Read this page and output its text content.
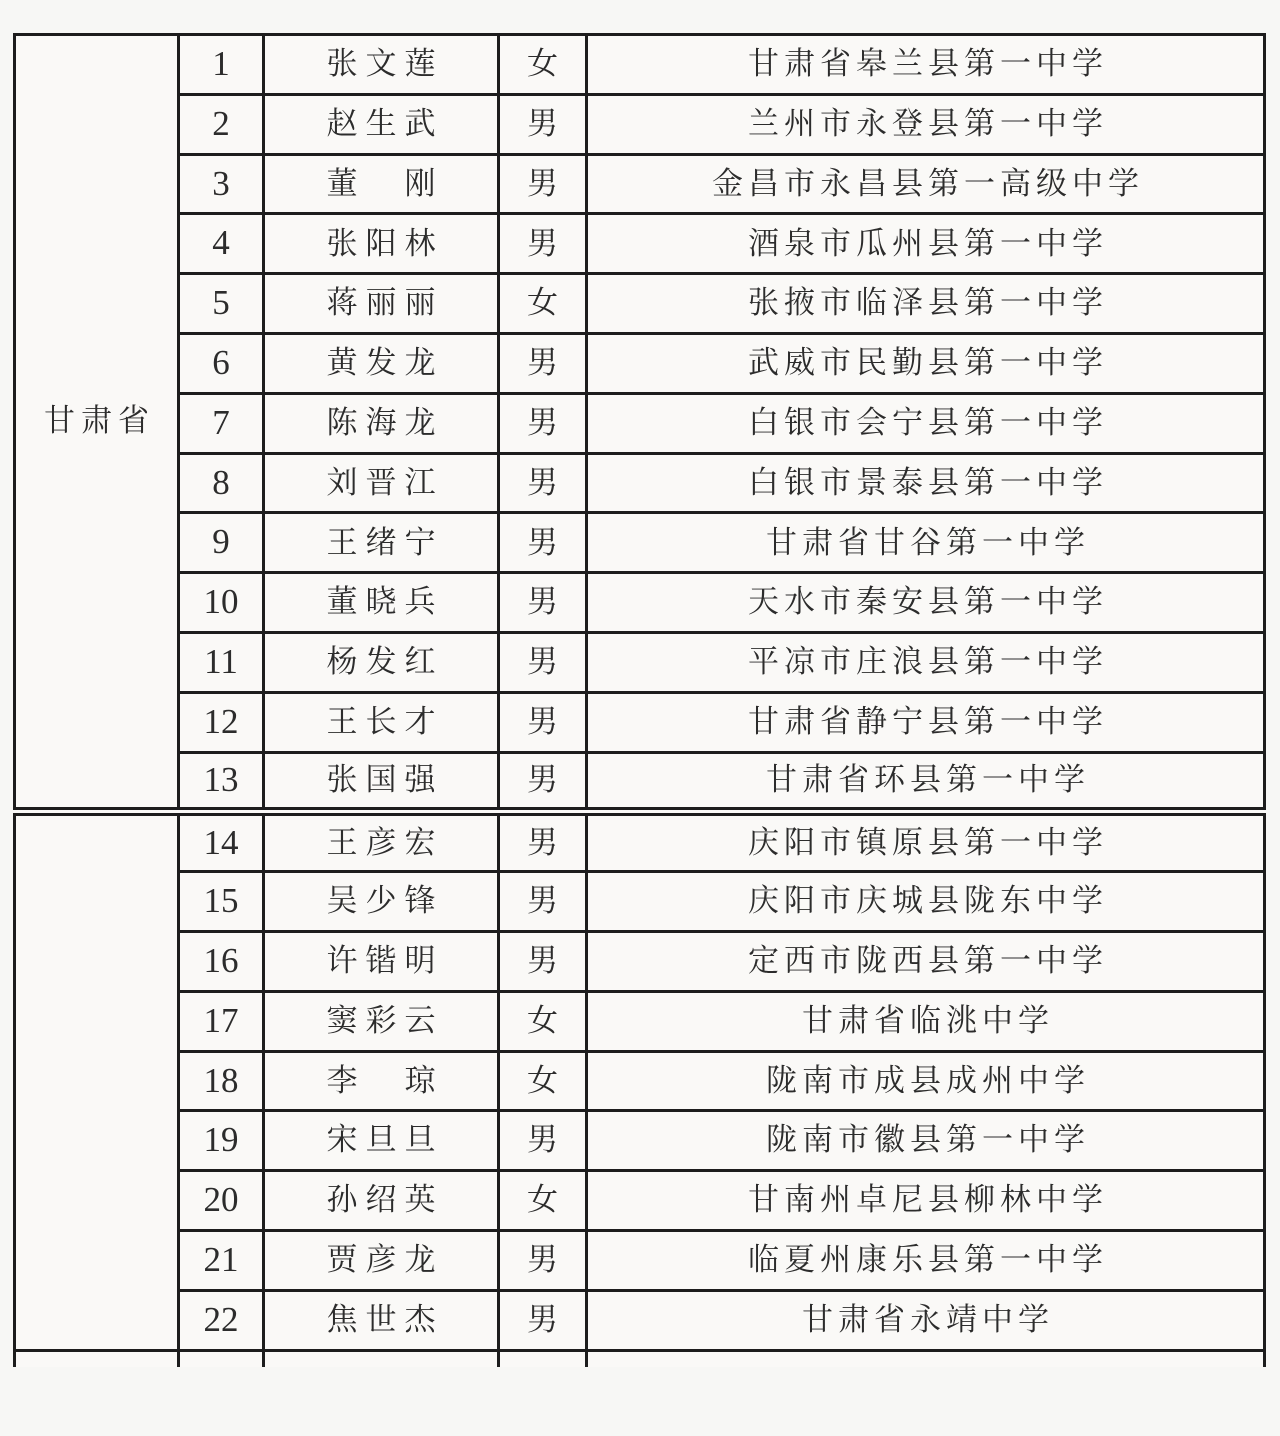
甘肃省	1	张文莲	女	甘肃省皋兰县第一中学
	2	赵生武	男	兰州市永登县第一中学
	3	董　刚	男	金昌市永昌县第一高级中学
	4	张阳林	男	酒泉市瓜州县第一中学
	5	蒋丽丽	女	张掖市临泽县第一中学
	6	黄发龙	男	武威市民勤县第一中学
	7	陈海龙	男	白银市会宁县第一中学
	8	刘晋江	男	白银市景泰县第一中学
	9	王绪宁	男	甘肃省甘谷第一中学
	10	董晓兵	男	天水市秦安县第一中学
	11	杨发红	男	平凉市庄浪县第一中学
	12	王长才	男	甘肃省静宁县第一中学
	13	张国强	男	甘肃省环县第一中学
	14	王彦宏	男	庆阳市镇原县第一中学
	15	吴少锋	男	庆阳市庆城县陇东中学
	16	许锴明	男	定西市陇西县第一中学
	17	窦彩云	女	甘肃省临洮中学
	18	李　琼	女	陇南市成县成州中学
	19	宋旦旦	男	陇南市徽县第一中学
	20	孙绍英	女	甘南州卓尼县柳林中学
	21	贾彦龙	男	临夏州康乐县第一中学
	22	焦世杰	男	甘肃省永靖中学
